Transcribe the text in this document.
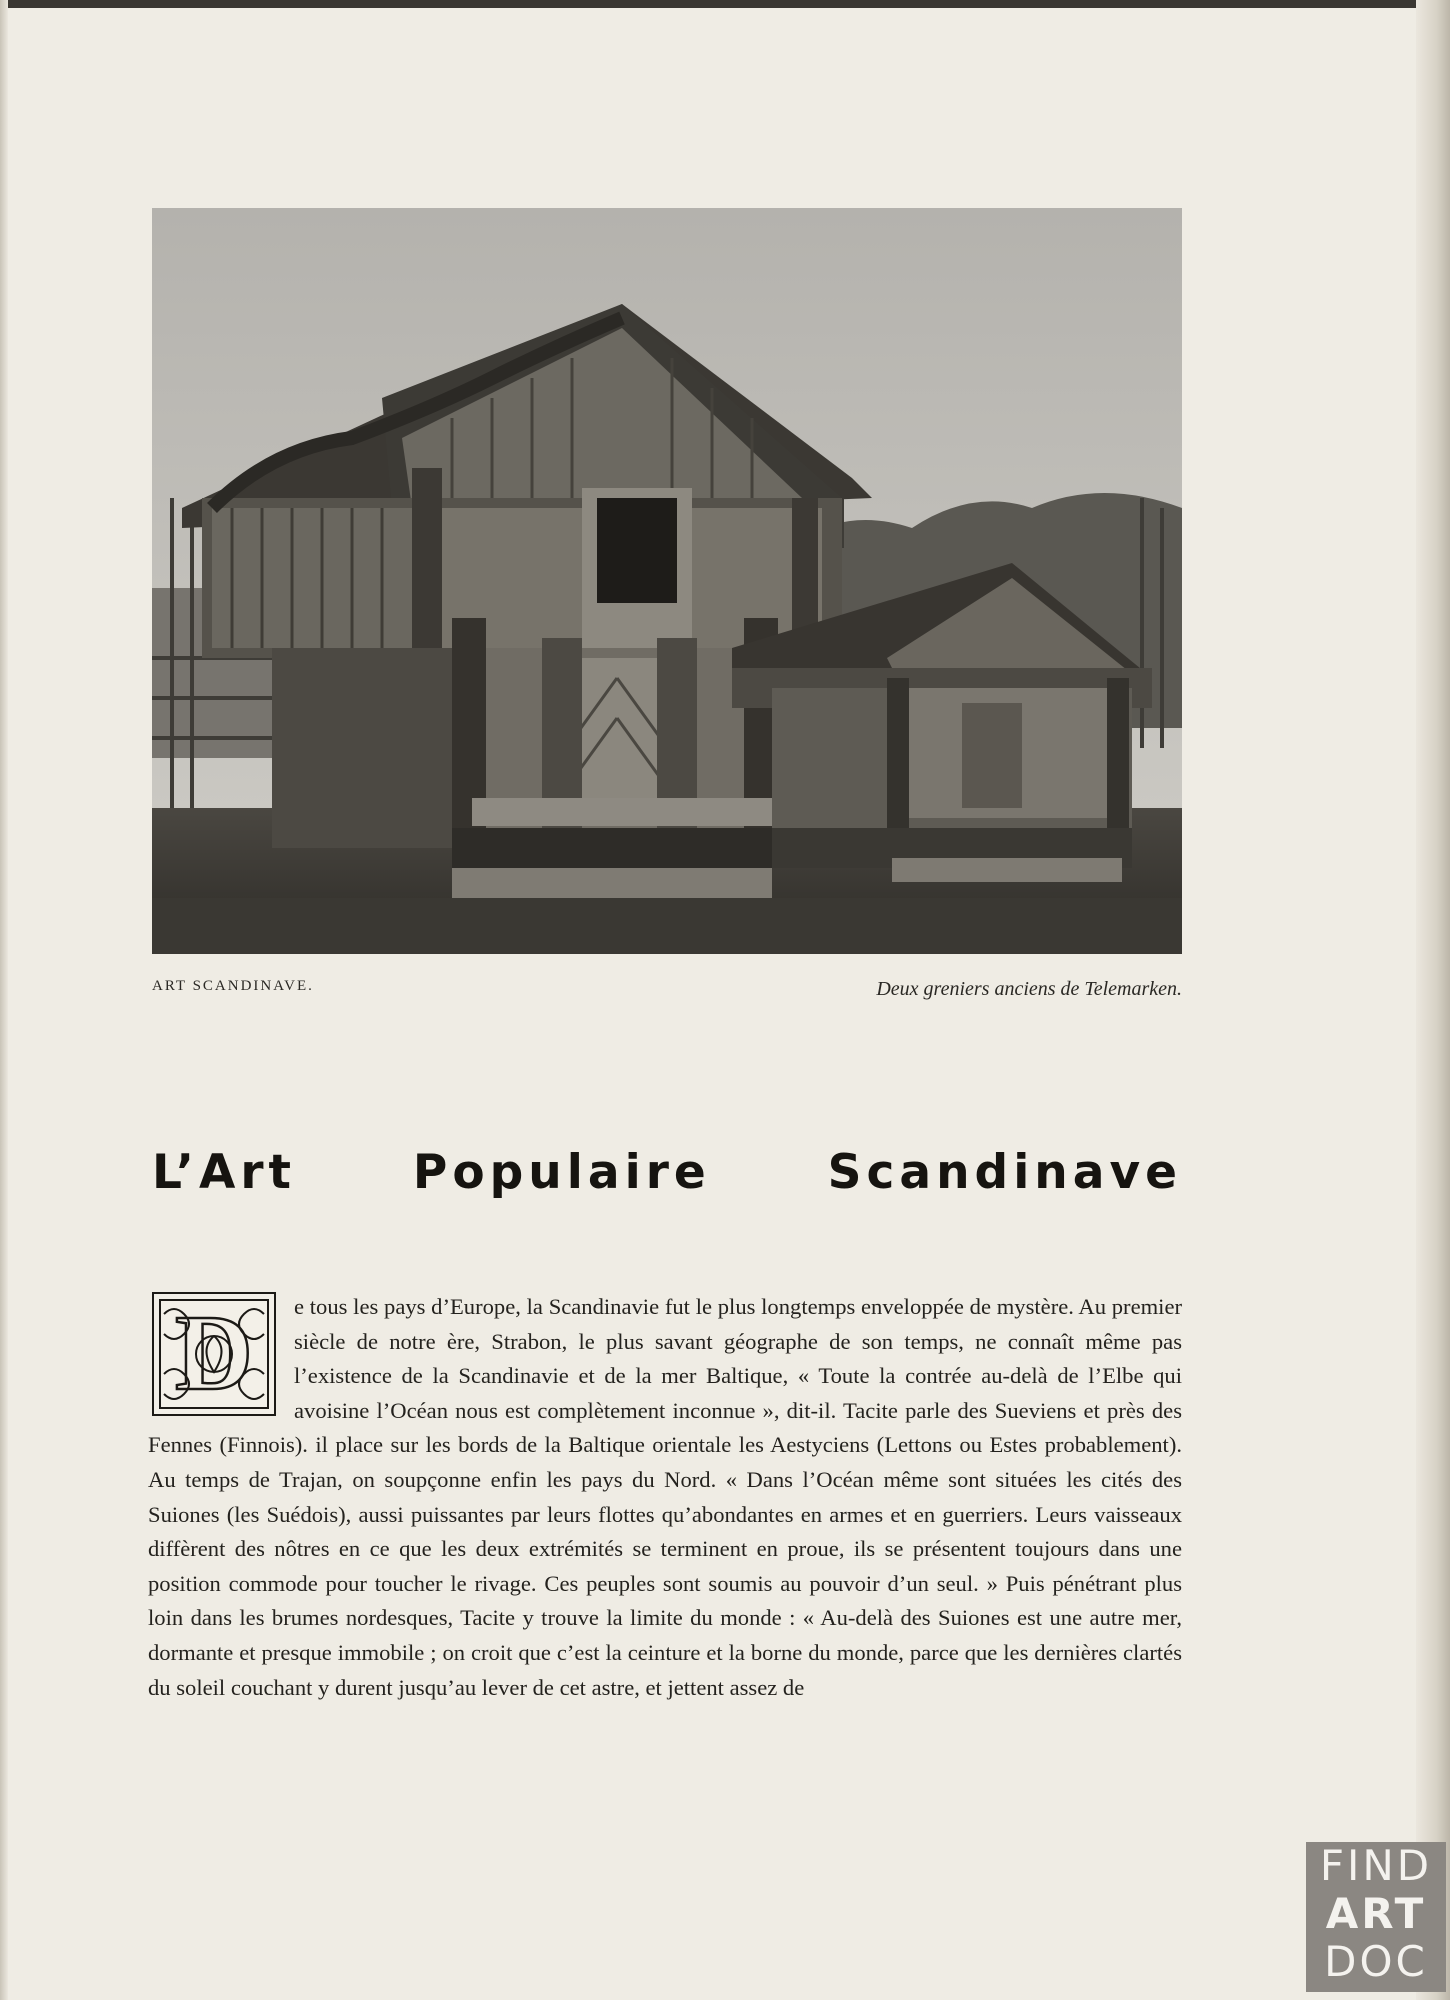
ART SCANDINAVE.	Deux greniers anciens de Telemarken.
L’Art Populaire Scandinave
D	e tous les pays d’Europe, la Scandinavie fut le plus longtemps enveloppée de mystère. Au premier siècle de notre ère, Strabon, le plus savant géographe de son temps, ne connaît même pas l’existence de la Scandinavie et de la mer Baltique, « Toute la contrée au-delà de l’Elbe qui avoisine l’Océan nous est complètement inconnue », dit-il. Tacite parle des Sueviens et près des Fennes (Finnois). il place sur les bords de la Baltique orientale les Aestyciens (Lettons ou Estes probablement). Au temps de Trajan, on soupçonne enfin les pays du Nord. « Dans l’Océan même sont situées les cités des Suiones (les Suédois), aussi puissantes par leurs flottes qu’abondantes en armes et en guerriers. Leurs vaisseaux diffèrent des nôtres en ce que les deux extrémités se terminent en proue, ils se présentent toujours dans une position commode pour toucher le rivage. Ces peuples sont soumis au pouvoir d’un seul. » Puis pénétrant plus loin dans les brumes nordesques, Tacite y trouve la limite du monde : « Au-delà des Suiones est une autre mer, dormante et presque immobile ; on croit que c’est la ceinture et la borne du monde, parce que les dernières clartés du soleil couchant y durent jusqu’au lever de cet astre, et jettent assez de
FIND
ART
DOC
